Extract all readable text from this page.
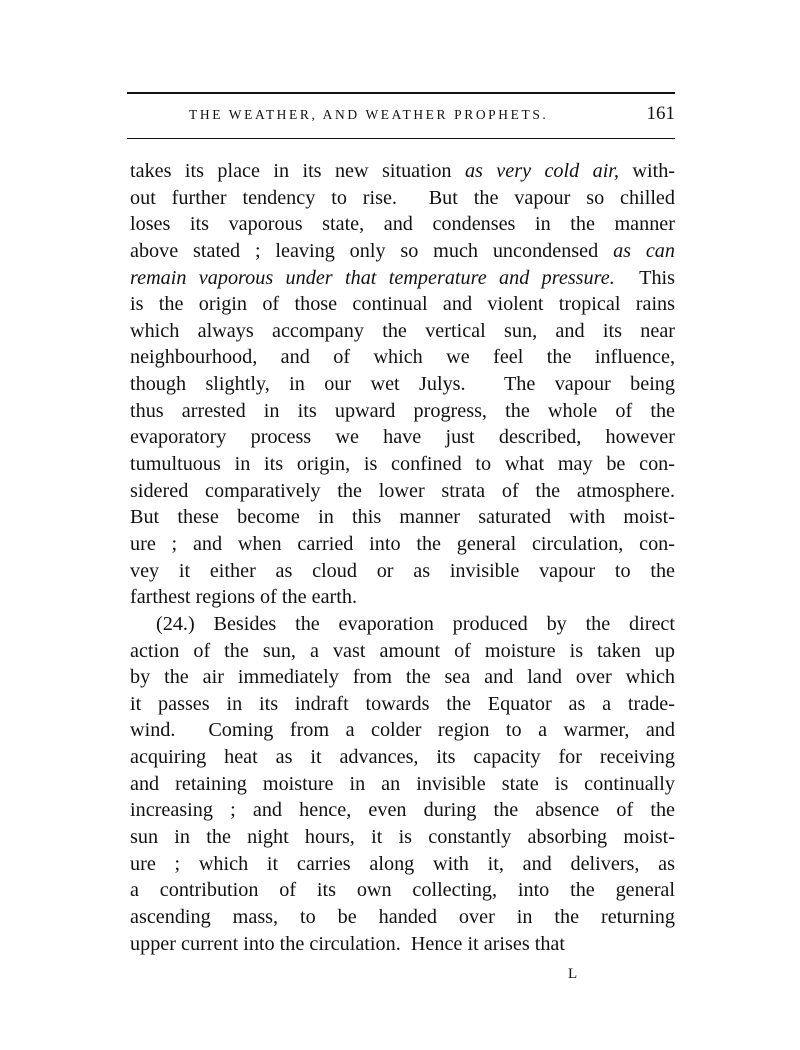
THE WEATHER, AND WEATHER PROPHETS.	161
takes its place in its new situation as very cold air, with-
out further tendency to rise.  But the vapour so chilled
loses its vaporous state, and condenses in the manner
above stated ; leaving only so much uncondensed as can
remain vaporous under that temperature and pressure.  This
is the origin of those continual and violent tropical rains
which always accompany the vertical sun, and its near
neighbourhood, and of which we feel the influence,
though slightly, in our wet Julys.  The vapour being
thus arrested in its upward progress, the whole of the
evaporatory process we have just described, however
tumultuous in its origin, is confined to what may be con-
sidered comparatively the lower strata of the atmosphere.
But these become in this manner saturated with moist-
ure ; and when carried into the general circulation, con-
vey it either as cloud or as invisible vapour to the
farthest regions of the earth.
(24.) Besides the evaporation produced by the direct
action of the sun, a vast amount of moisture is taken up
by the air immediately from the sea and land over which
it passes in its indraft towards the Equator as a trade-
wind.  Coming from a colder region to a warmer, and
acquiring heat as it advances, its capacity for receiving
and retaining moisture in an invisible state is continually
increasing ; and hence, even during the absence of the
sun in the night hours, it is constantly absorbing moist-
ure ; which it carries along with it, and delivers, as
a contribution of its own collecting, into the general
ascending mass, to be handed over in the returning
upper current into the circulation.  Hence it arises that
L
